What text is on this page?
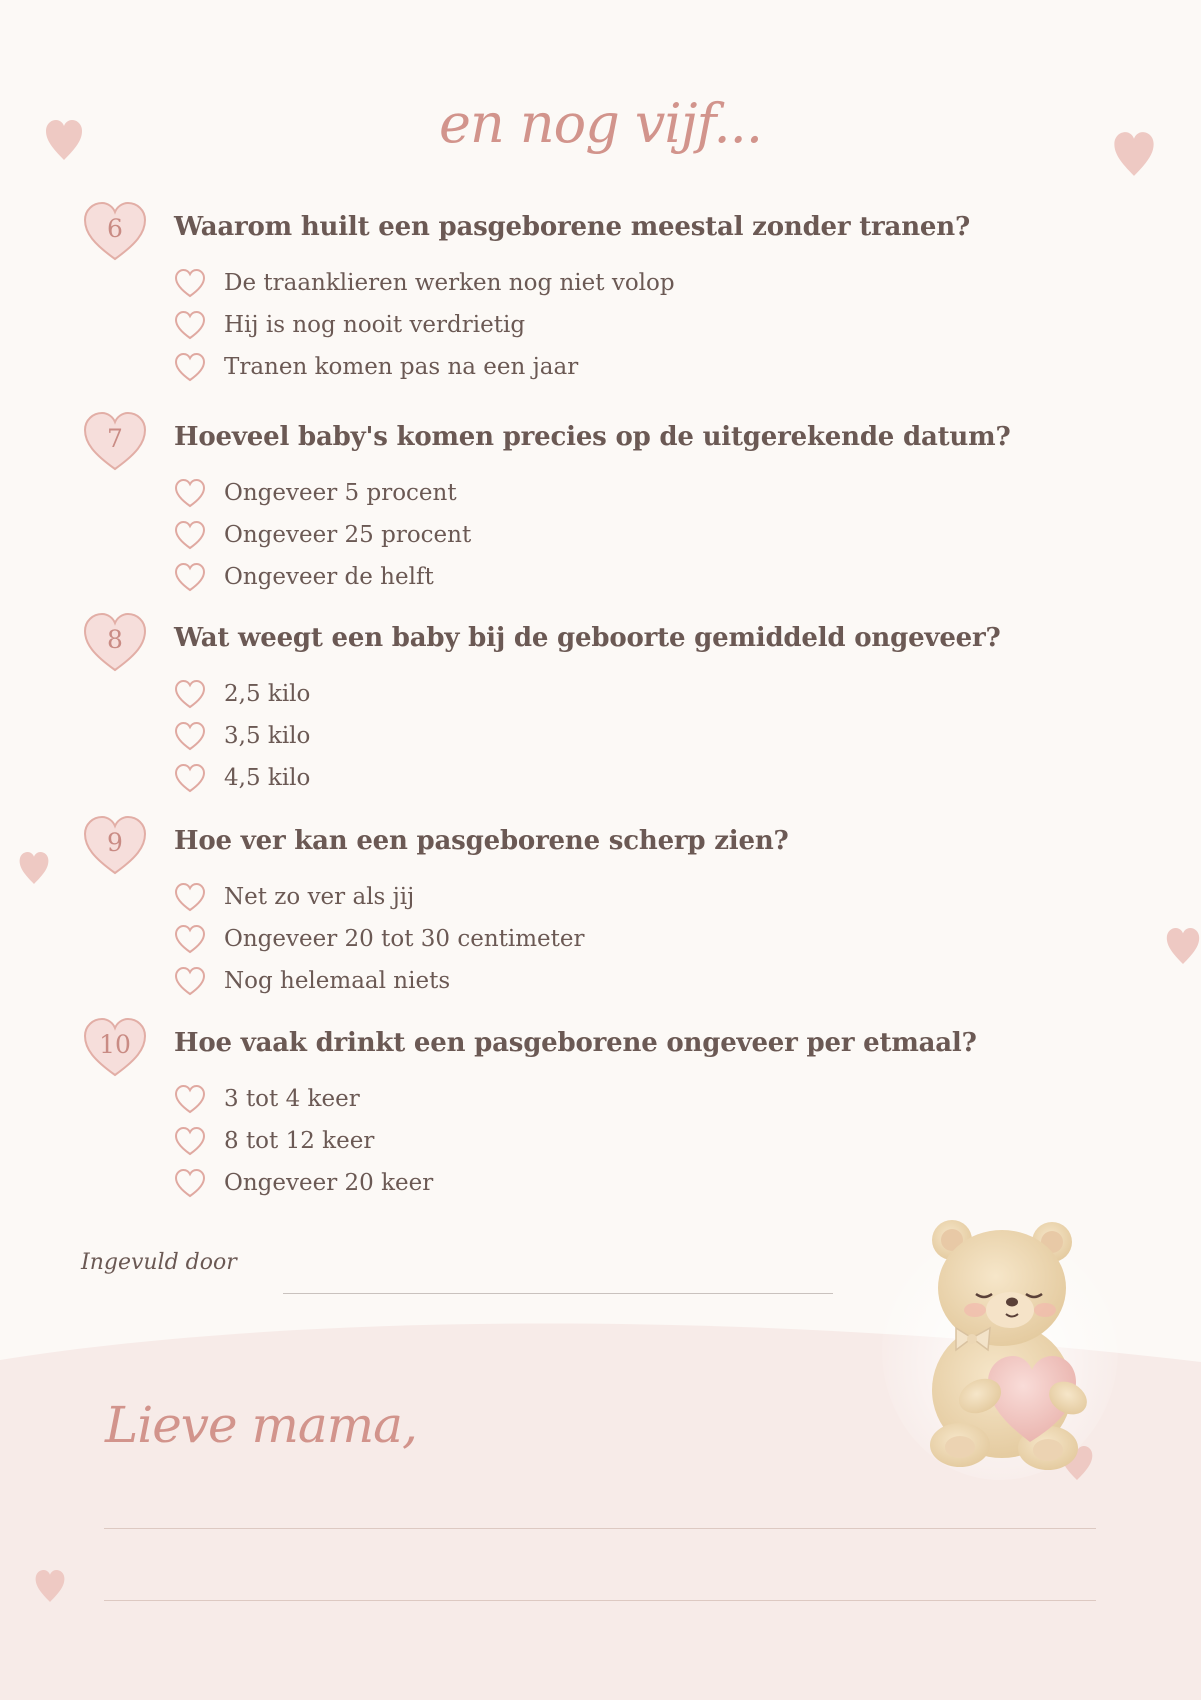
en nog vijf...
6	Waarom huilt een pasgeborene meestal zonder tranen?
De traanklieren werken nog niet volop
Hij is nog nooit verdrietig
Tranen komen pas na een jaar
7	Hoeveel baby's komen precies op de uitgerekende datum?
Ongeveer 5 procent
Ongeveer 25 procent
Ongeveer de helft
8	Wat weegt een baby bij de geboorte gemiddeld ongeveer?
2,5 kilo
3,5 kilo
4,5 kilo
9	Hoe ver kan een pasgeborene scherp zien?
Net zo ver als jij
Ongeveer 20 tot 30 centimeter
Nog helemaal niets
10	Hoe vaak drinkt een pasgeborene ongeveer per etmaal?
3 tot 4 keer
8 tot 12 keer
Ongeveer 20 keer
Ingevuld door
Lieve mama,
